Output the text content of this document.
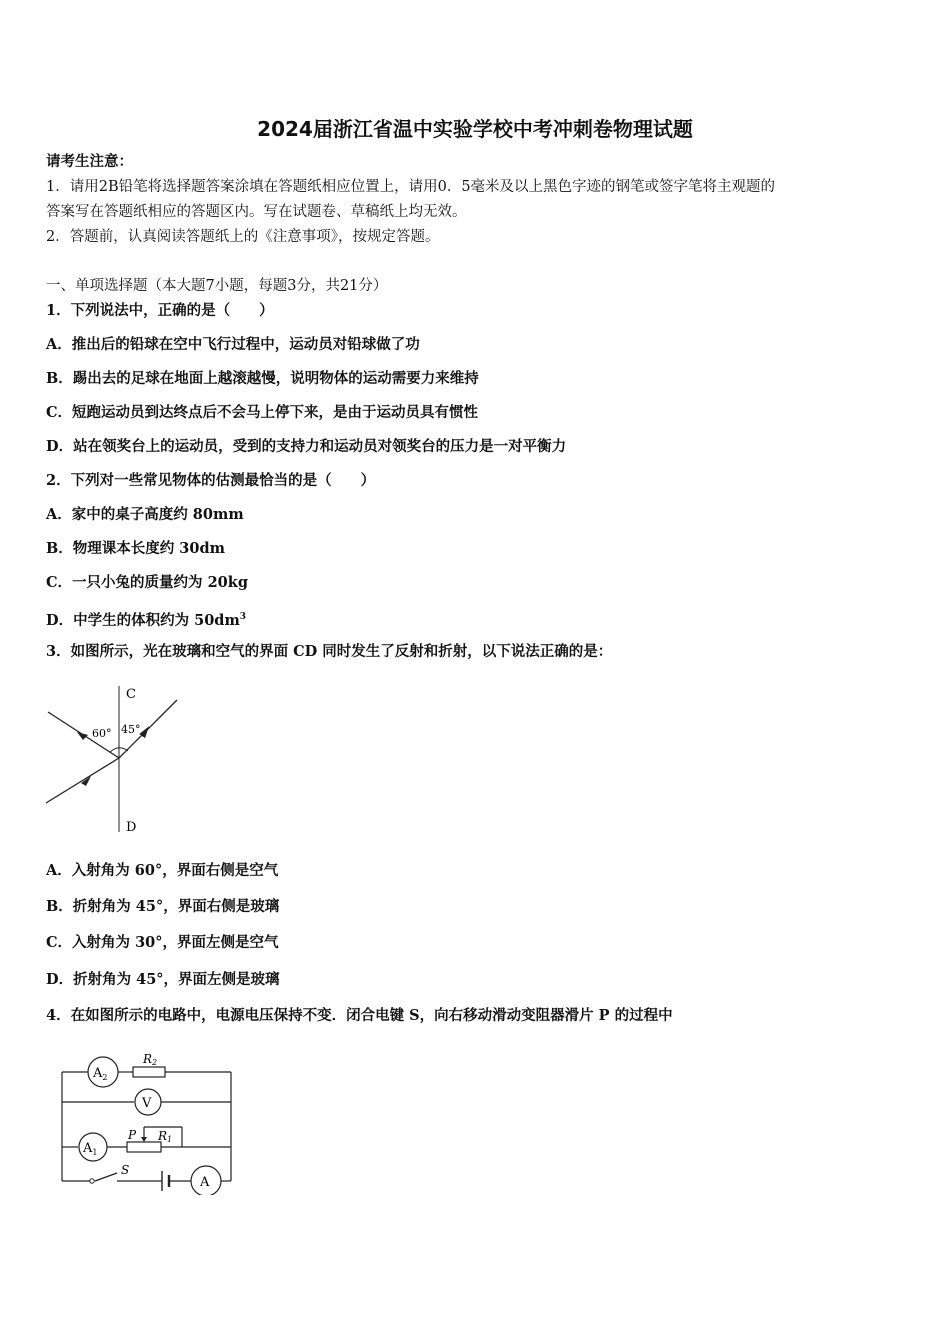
2024届浙江省温中实验学校中考冲刺卷物理试题
请考生注意：
1．请用2B铅笔将选择题答案涂填在答题纸相应位置上，请用0．5毫米及以上黑色字迹的钢笔或签字笔将主观题的
答案写在答题纸相应的答题区内。写在试题卷、草稿纸上均无效。
2．答题前，认真阅读答题纸上的《注意事项》，按规定答题。
一、单项选择题（本大题7小题，每题3分，共21分）
1．下列说法中，正确的是（　　）
A．推出后的铅球在空中飞行过程中，运动员对铅球做了功
B．踢出去的足球在地面上越滚越慢，说明物体的运动需要力来维持
C．短跑运动员到达终点后不会马上停下来，是由于运动员具有惯性
D．站在领奖台上的运动员，受到的支持力和运动员对领奖台的压力是一对平衡力
2．下列对一些常见物体的估测最恰当的是（　　）
A．家中的桌子高度约 80mm
B．物理课本长度约 30dm
C．一只小兔的质量约为 20kg
D．中学生的体积约为 $50dm^3$
3．如图所示，光在玻璃和空气的界面 CD 同时发生了反射和折射，以下说法正确的是：
C
D
60° 45°
A．入射角为 60°，界面右侧是空气
B．折射角为 45°，界面右侧是玻璃
C．入射角为 30°，界面左侧是空气
D．折射角为 45°，界面左侧是玻璃
4．在如图所示的电路中，电源电压保持不变．闭合电键 S，向右移动滑动变阻器滑片 P 的过程中
$A_2$
R2
V
$A_1$
P R1
S
A
